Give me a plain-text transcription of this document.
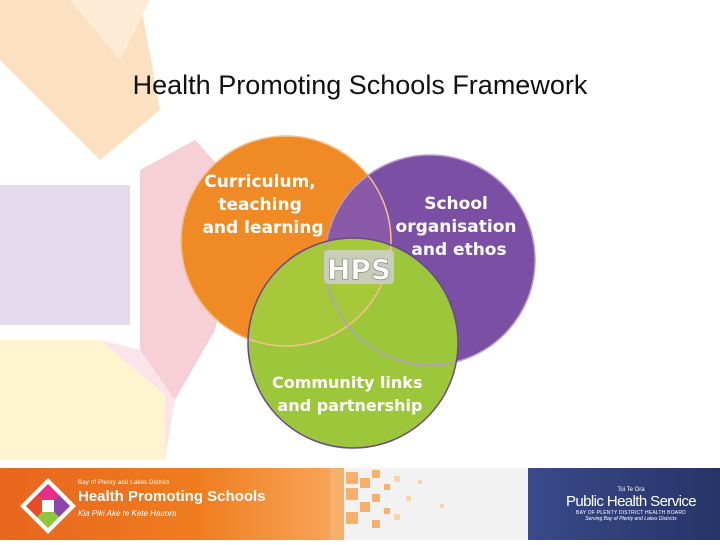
Health Promoting Schools Framework
HPS
Curriculum, teaching and learning
School organisation and ethos
Community links and partnership
Bay of Plenty and Lakes District
Health Promoting Schools
Kia Piki Ake te Kete Hauora
Toi Te Ora
Public Health Service
BAY OF PLENTY DISTRICT HEALTH BOARD
Serving Bay of Plenty and Lakes Districts
